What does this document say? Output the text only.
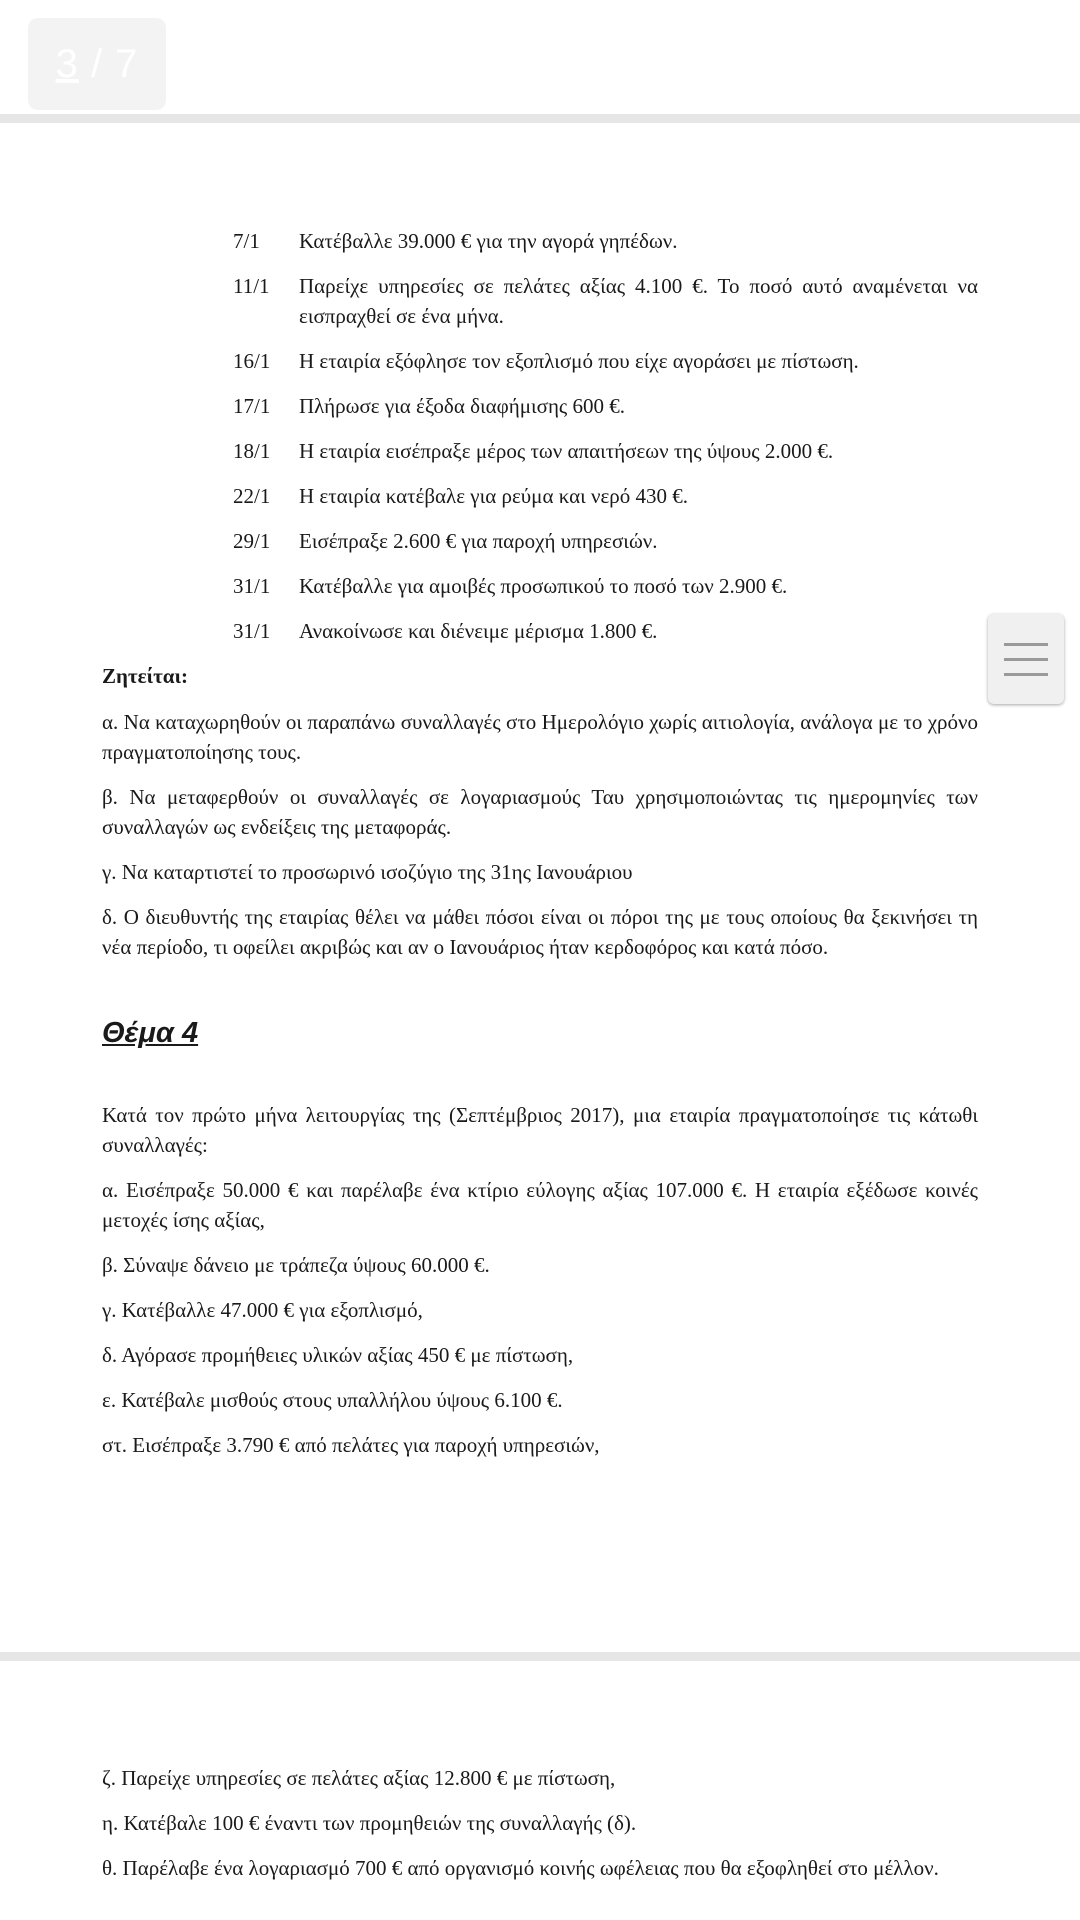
3 / 7
7/1	Κατέβαλλε 39.000 € για την αγορά γηπέδων.
11/1	Παρείχε υπηρεσίες σε πελάτες αξίας 4.100 €. Το ποσό αυτό αναμένεται να εισπραχθεί σε ένα μήνα.
16/1	Η εταιρία εξόφλησε τον εξοπλισμό που είχε αγοράσει με πίστωση.
17/1	Πλήρωσε για έξοδα διαφήμισης 600 €.
18/1	Η εταιρία εισέπραξε μέρος των απαιτήσεων της ύψους 2.000 €.
22/1	Η εταιρία κατέβαλε για ρεύμα και νερό 430 €.
29/1	Εισέπραξε 2.600 € για παροχή υπηρεσιών.
31/1	Κατέβαλλε για αμοιβές προσωπικού το ποσό των 2.900 €.
31/1	Ανακοίνωσε και διένειμε μέρισμα 1.800 €.
Ζητείται:

α. Να καταχωρηθούν οι παραπάνω συναλλαγές στο Ημερολόγιο χωρίς αιτιολογία, ανάλογα με το χρόνο πραγματοποίησης τους.

β. Να μεταφερθούν οι συναλλαγές σε λογαριασμούς Ταυ χρησιμοποιώντας τις ημερομηνίες των συναλλαγών ως ενδείξεις της μεταφοράς.

γ. Να καταρτιστεί το προσωρινό ισοζύγιο της 31ης Ιανουάριου

δ. Ο διευθυντής της εταιρίας θέλει να μάθει πόσοι είναι οι πόροι της με τους οποίους θα ξεκινήσει τη νέα περίοδο, τι οφείλει ακριβώς και αν ο Ιανουάριος ήταν κερδοφόρος και κατά πόσο.

Θέμα 4

Κατά τον πρώτο μήνα λειτουργίας της (Σεπτέμβριος 2017), μια εταιρία πραγματοποίησε τις κάτωθι συναλλαγές:

α. Εισέπραξε 50.000 € και παρέλαβε ένα κτίριο εύλογης αξίας 107.000 €. Η εταιρία εξέδωσε κοινές μετοχές ίσης αξίας,

β. Σύναψε δάνειο με τράπεζα ύψους 60.000 €.

γ. Κατέβαλλε 47.000 € για εξοπλισμό,

δ. Αγόρασε προμήθειες υλικών αξίας 450 € με πίστωση,

ε. Κατέβαλε μισθούς στους υπαλλήλου ύψους 6.100 €.

στ. Εισέπραξε 3.790 € από πελάτες για παροχή υπηρεσιών,

ζ. Παρείχε υπηρεσίες σε πελάτες αξίας 12.800 € με πίστωση,

η. Κατέβαλε 100 € έναντι των προμηθειών της συναλλαγής (δ).

θ. Παρέλαβε ένα λογαριασμό 700 € από οργανισμό κοινής ωφέλειας που θα εξοφληθεί στο μέλλον.
